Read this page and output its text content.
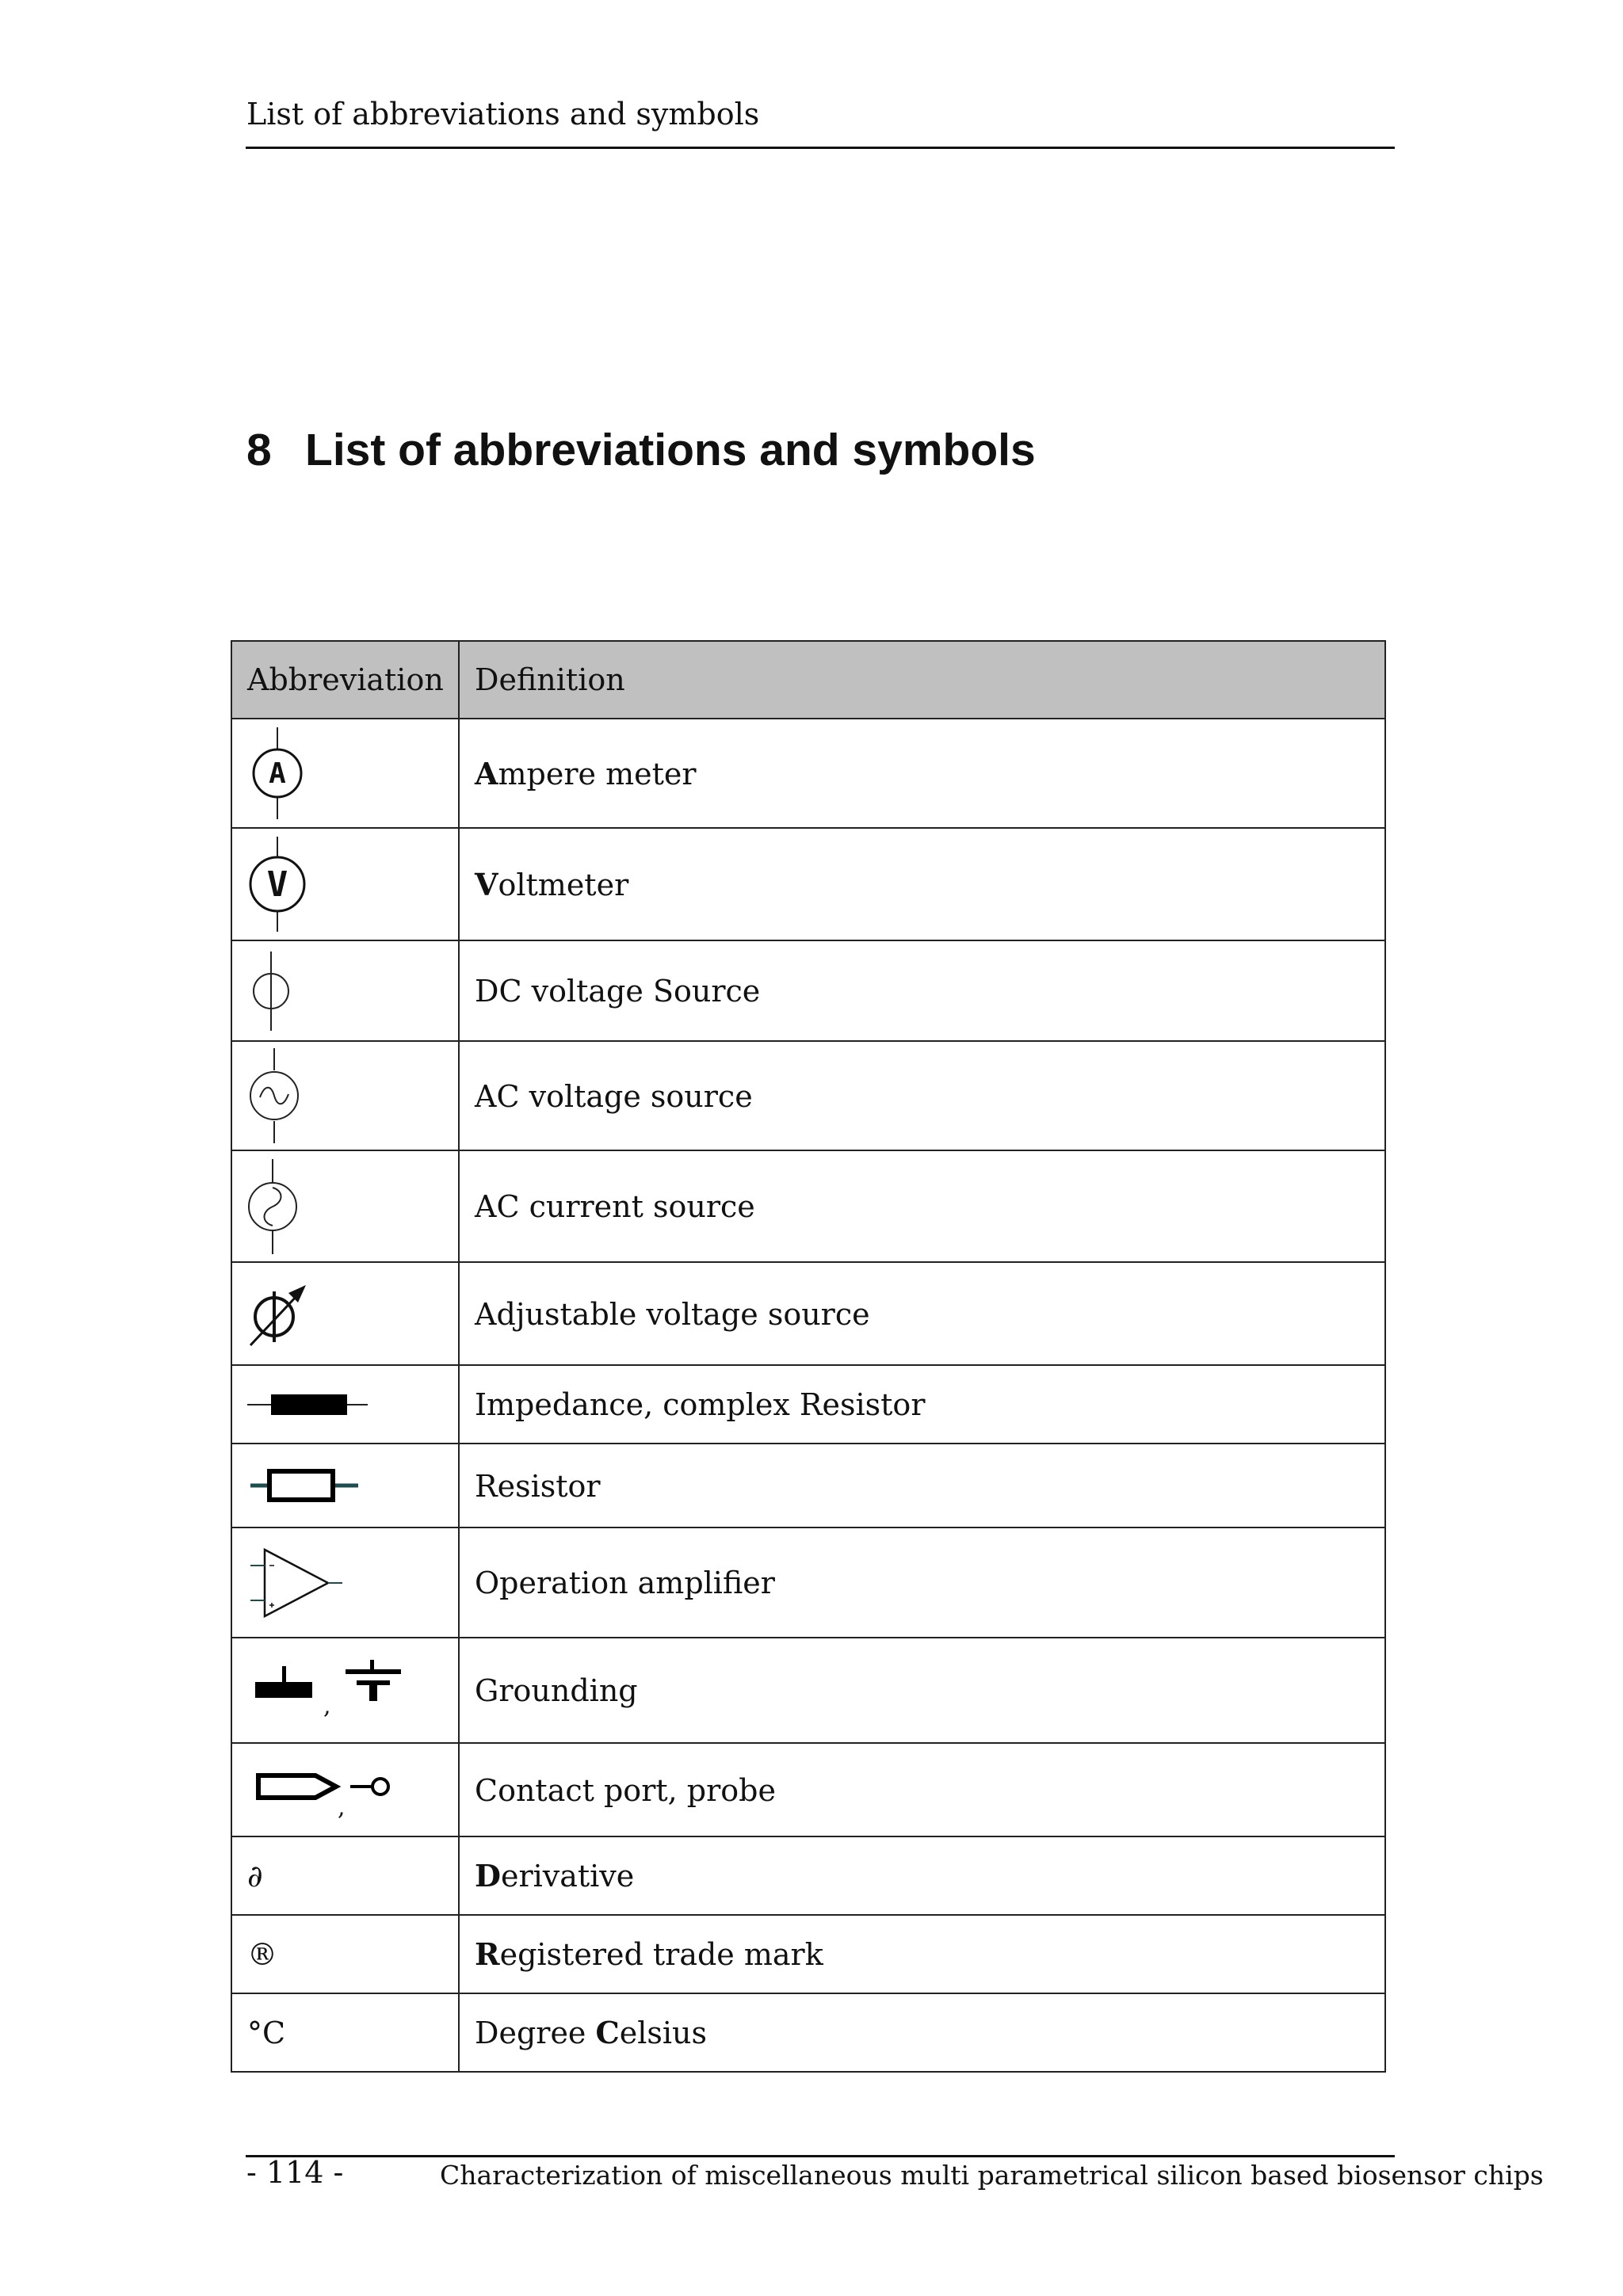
List of abbreviations and symbols
8 List of abbreviations and symbols
Abbreviation	Definition

A	Ampere meter

V	Voltmeter

	DC voltage Source

	AC voltage source

	AC current source

	Adjustable voltage source

	Impedance, complex Resistor

	Resistor

	Operation amplifier

,	Grounding

,	Contact port, probe
∂	Derivative
®	Registered trade mark
°C	Degree Celsius
- 114 -	Characterization of miscellaneous multi parametrical silicon based biosensor chips
